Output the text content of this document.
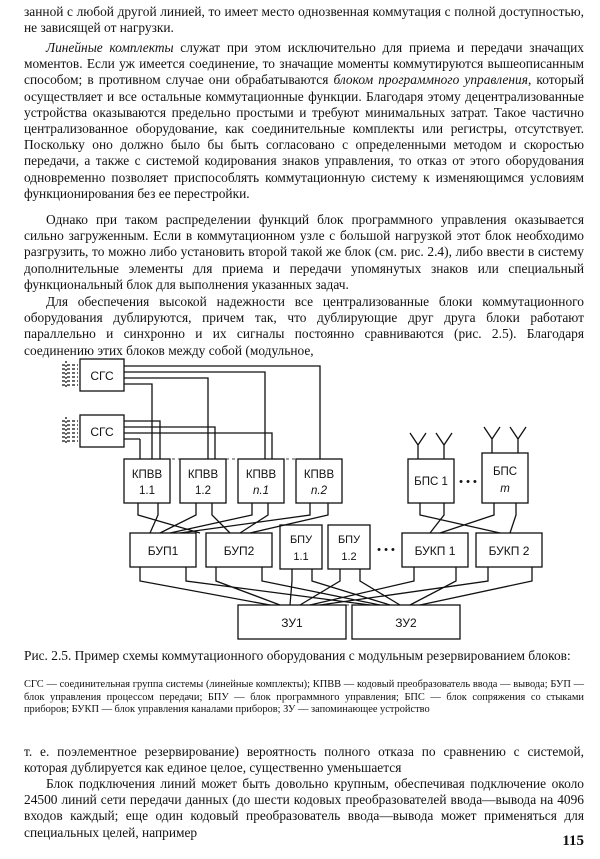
занной с любой другой линией, то имеет место однозвенная коммутация с полной доступностью, не зависящей от нагрузки.

Линейные комплекты служат при этом исключительно для приема и передачи значащих моментов. Если уж имеется соединение, то значащие моменты коммутируются вышеописанным способом; в противном случае они обрабатываются блоком программного управления, который осуществляет и все остальные коммутационные функции. Благодаря этому децентрализованные устройства оказываются предельно простыми и требуют минимальных затрат. Такое частично централизованное оборудование, как соединительные комплекты или регистры, отсутствует. Поскольку оно должно было бы быть согласовано с определенными методом и скоростью передачи, а также с системой кодирования знаков управления, то отказ от этого оборудования одновременно позволяет приспособлять коммутационную систему к изменяющимся условиям функционирования без ее перестройки.

Однако при таком распределении функций блок программного управления оказывается сильно загруженным. Если в коммутационном узле с большой нагрузкой этот блок необходимо разгрузить, то можно либо установить второй такой же блок (см. рис. 2.4), либо ввести в систему дополнительные элементы для приема и передачи упомянутых знаков или специальный функциональный блок для выполнения указанных задач.

Для обеспечения высокой надежности все централизованные блоки коммутационного оборудования дублируются, причем так, что дублирующие друг друга блоки работают параллельно и синхронно и их сигналы постоянно сравниваются (рис. 2.5). Благодаря соединению этих блоков между собой (модульное,

СГС
СГС
КПВВ
1.1
КПВВ
1.2
КПВВ
n.1
КПВВ
n.2
БПС 1 • • •
БПС
m
БУП1	БУП2
БПУ
1.1
БПУ
1.2
• • • БУКП 1	БУКП 2
ЗУ1	ЗУ2

Рис. 2.5. Пример схемы коммутационного оборудования с модульным резервированием блоков:

СГС — соединительная группа системы (линейные комплекты); КПВВ — кодовый преобразователь ввода — вывода; БУП — блок управления процессом передачи; БПУ — блок программного управления; БПС — блок сопряжения со стыками приборов; БУКП — блок управления каналами приборов; ЗУ — запоминающее устройство

т. е. поэлементное резервирование) вероятность полного отказа по сравнению с системой, которая дублируется как единое целое, существенно уменьшается

Блок подключения линий может быть довольно крупным, обеспечивая подключение около 24500 линий сети передачи данных (до шести кодовых преобразователей ввода—вывода на 4096 входов каждый; еще один кодовый преобразователь ввода—вывода может применяться для специальных целей, например

115
